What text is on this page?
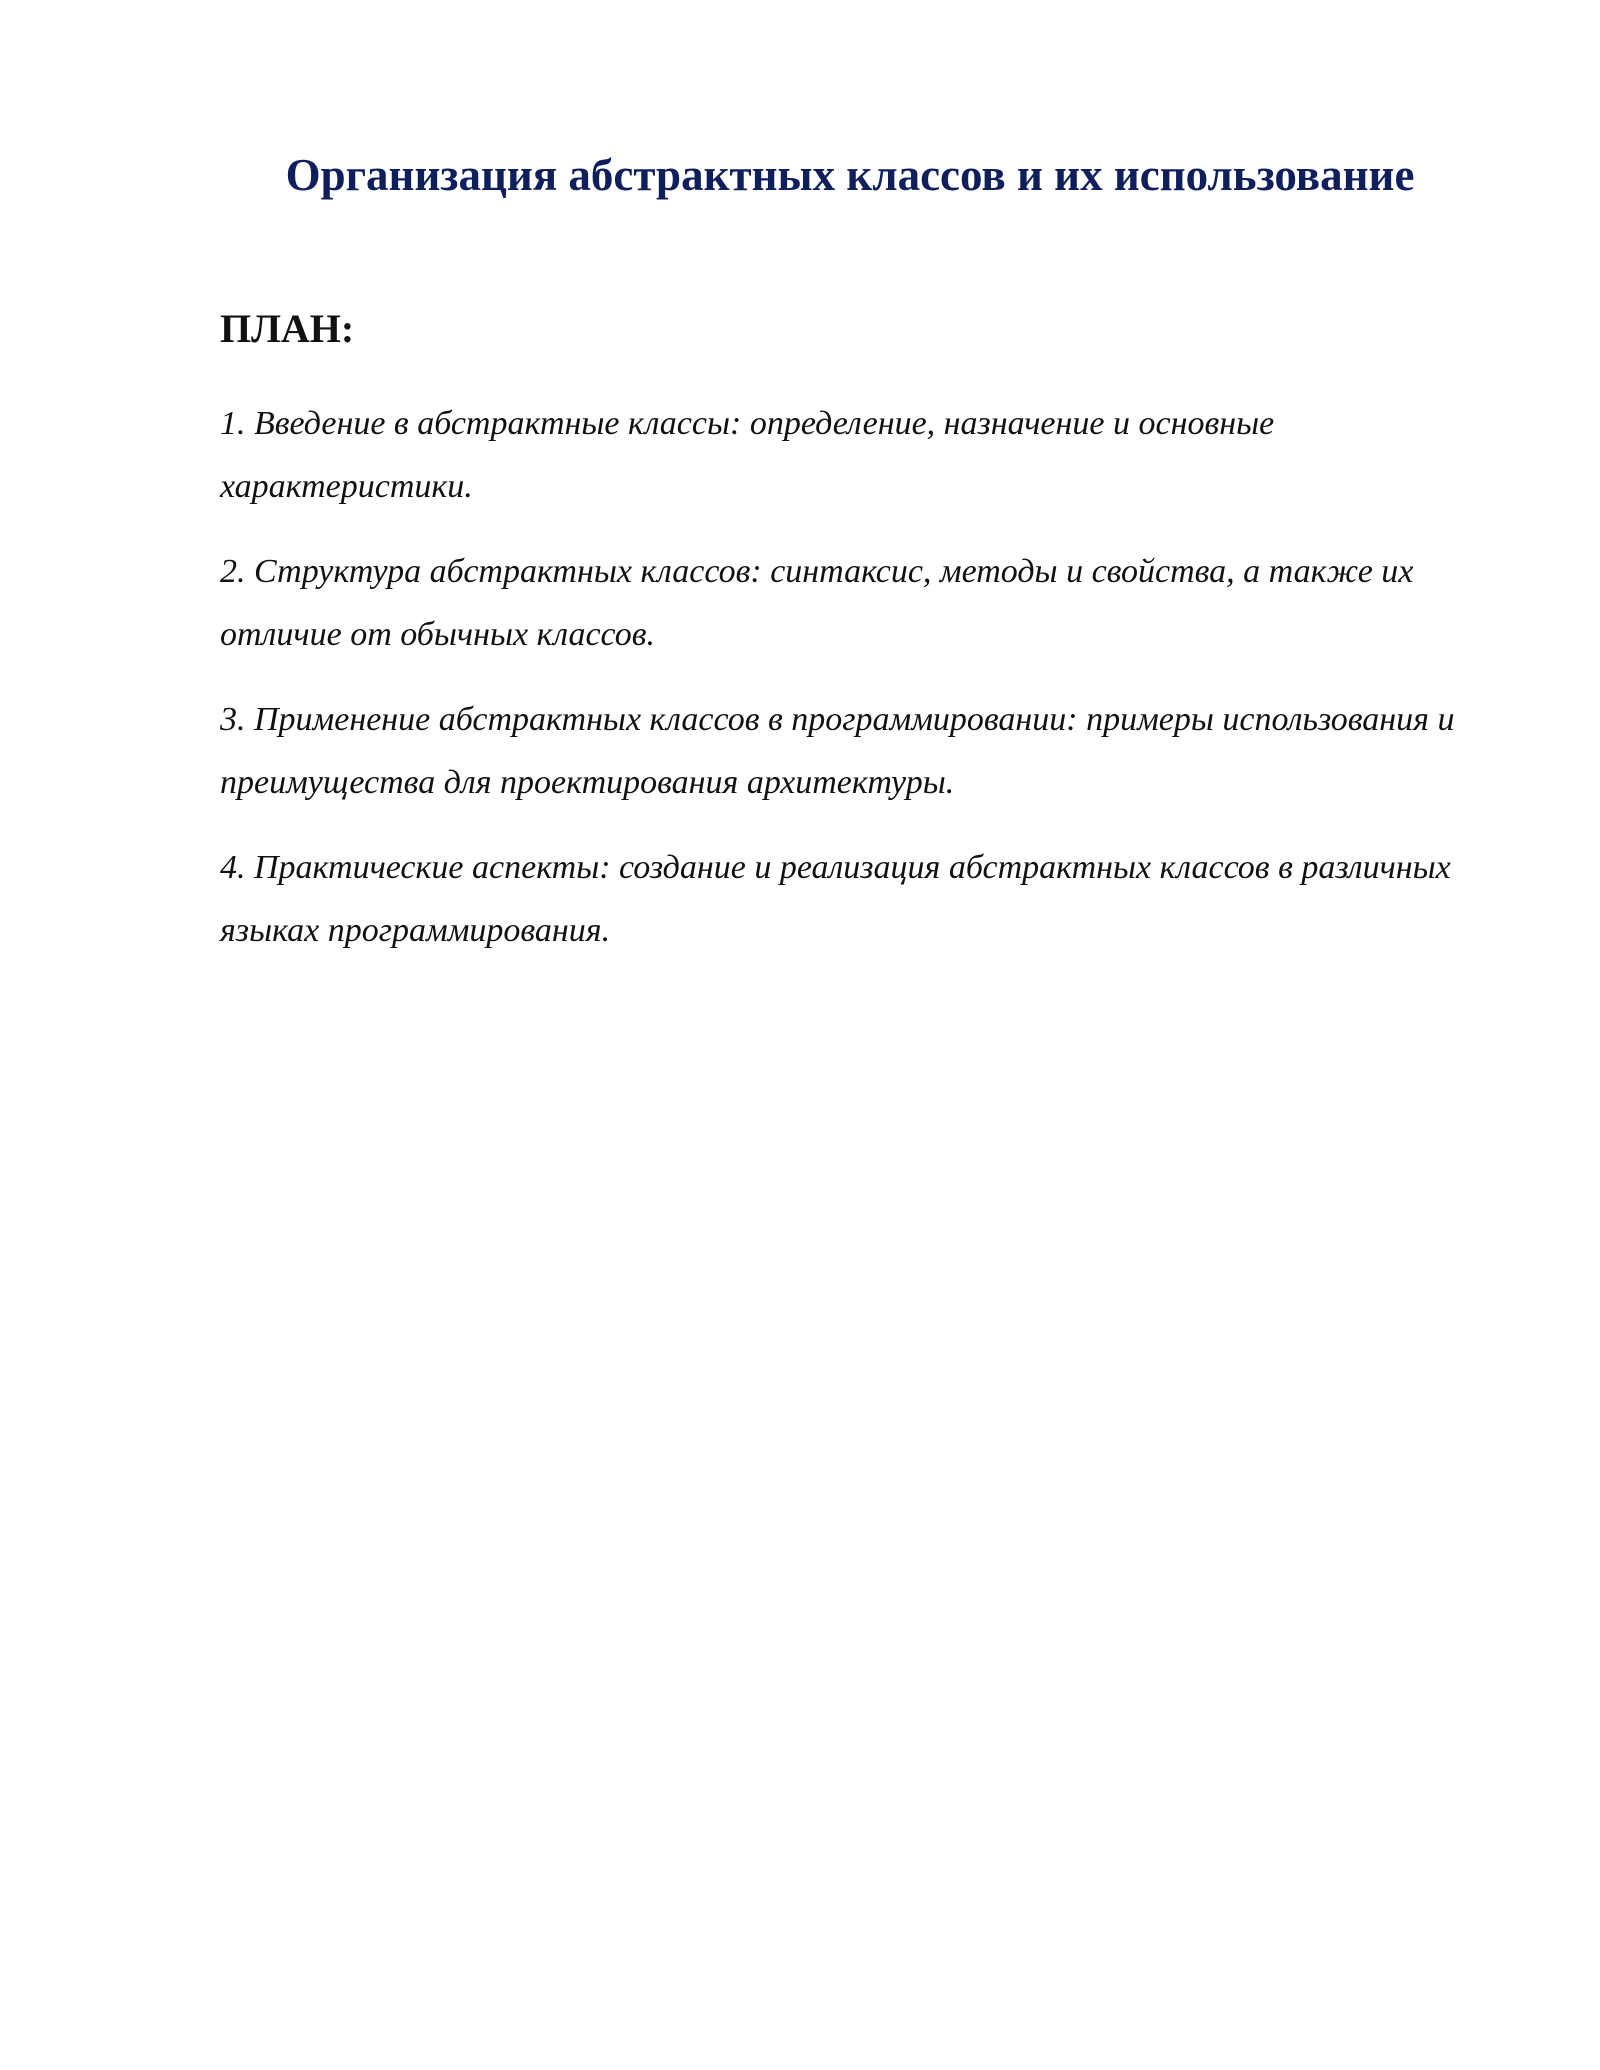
Организация абстрактных классов и их использование
ПЛАН:
1. Введение в абстрактные классы: определение, назначение и основные характеристики.
2. Структура абстрактных классов: синтаксис, методы и свойства, а также их отличие от обычных классов.
3. Применение абстрактных классов в программировании: примеры использования и преимущества для проектирования архитектуры.
4. Практические аспекты: создание и реализация абстрактных классов в различных языках программирования.
